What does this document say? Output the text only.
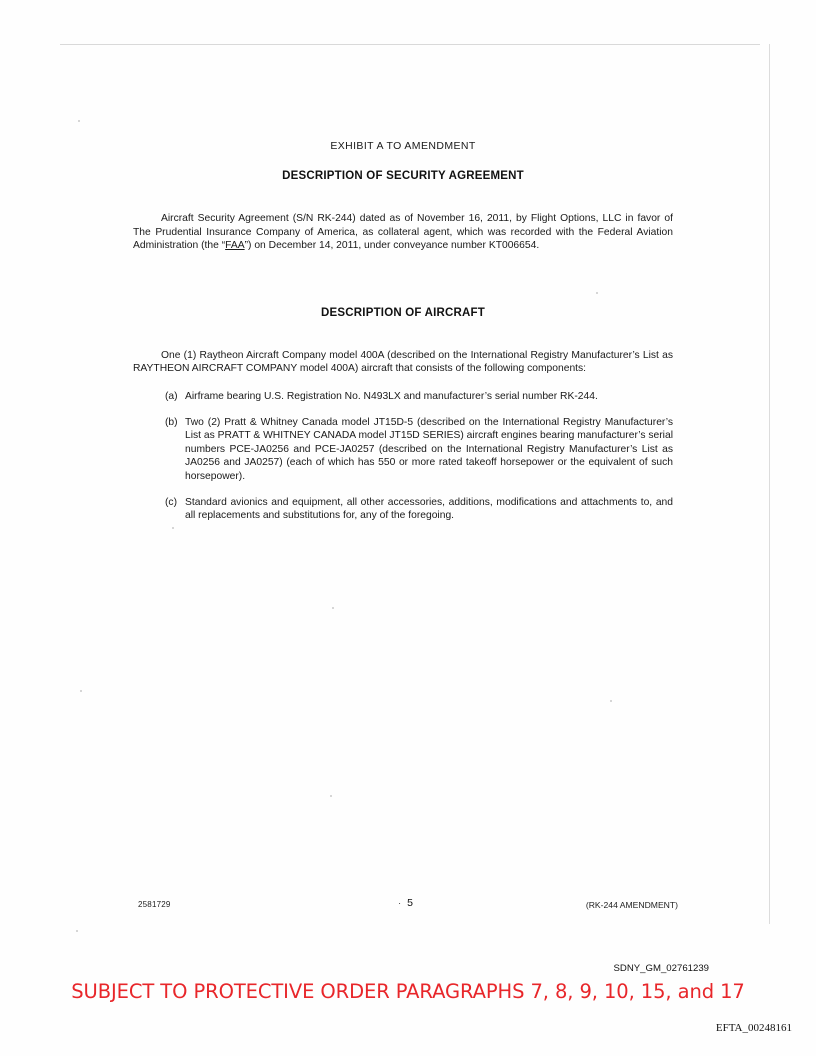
EXHIBIT A TO AMENDMENT
DESCRIPTION OF SECURITY AGREEMENT
Aircraft Security Agreement (S/N RK-244) dated as of November 16, 2011, by Flight Options, LLC in favor of The Prudential Insurance Company of America, as collateral agent, which was recorded with the Federal Aviation Administration (the “FAA”) on December 14, 2011, under conveyance number KT006654.
DESCRIPTION OF AIRCRAFT
One (1) Raytheon Aircraft Company model 400A (described on the International Registry Manufacturer’s List as RAYTHEON AIRCRAFT COMPANY model 400A) aircraft that consists of the following components:
(a) Airframe bearing U.S. Registration No. N493LX and manufacturer’s serial number RK-244.
(b) Two (2) Pratt & Whitney Canada model JT15D-5 (described on the International Registry Manufacturer’s List as PRATT & WHITNEY CANADA model JT15D SERIES) aircraft engines bearing manufacturer’s serial numbers PCE-JA0256 and PCE-JA0257 (described on the International Registry Manufacturer’s List as JA0256 and JA0257) (each of which has 550 or more rated takeoff horsepower or the equivalent of such horsepower).
(c) Standard avionics and equipment, all other accessories, additions, modifications and attachments to, and all replacements and substitutions for, any of the foregoing.
2581729	· 5	(RK-244 AMENDMENT)
SDNY_GM_02761239
SUBJECT TO PROTECTIVE ORDER PARAGRAPHS 7, 8, 9, 10, 15, and 17
EFTA_00248161
